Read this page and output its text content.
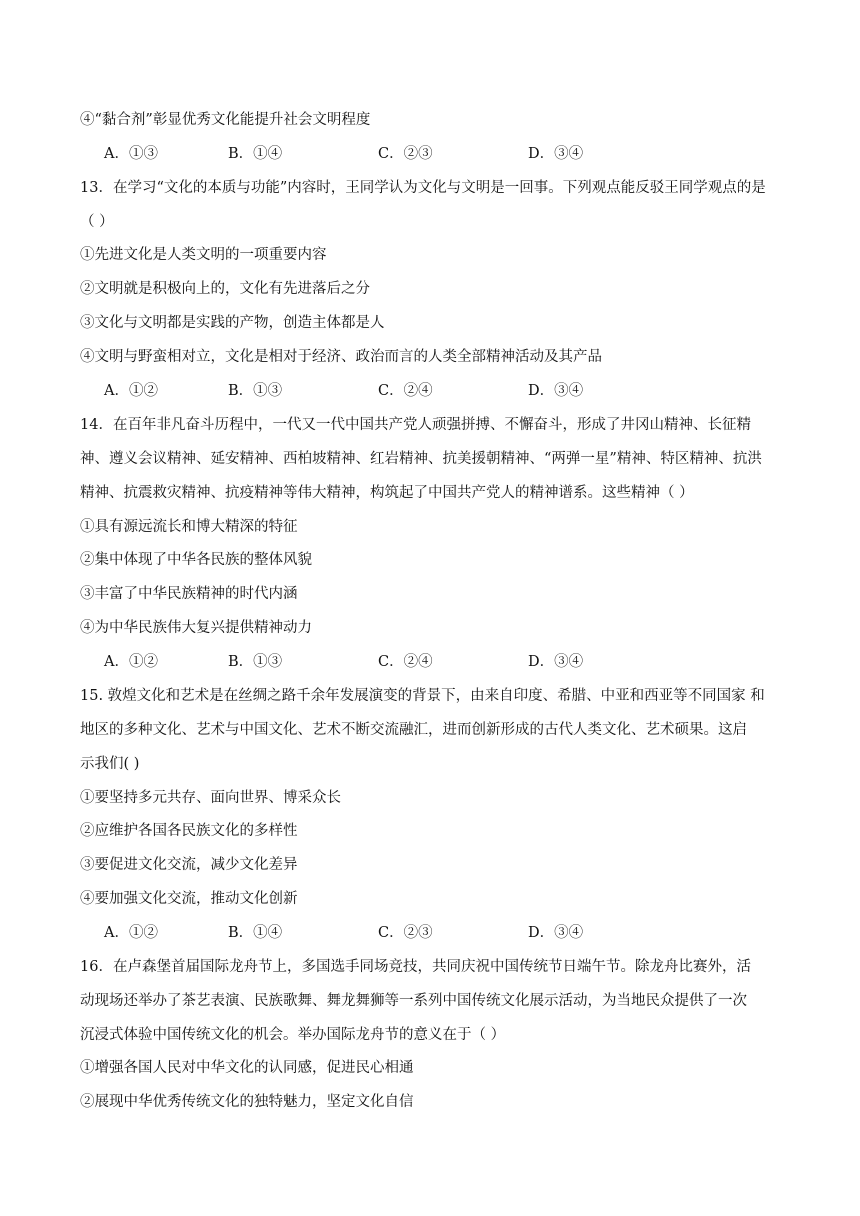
④“黏合剂”彰显优秀文化能提升社会文明程度
A．①③	B．①④	C．②③	D．③④
13．在学习“文化的本质与功能”内容时，王同学认为文化与文明是一回事。下列观点能反驳王同学观点的是
（ ）
①先进文化是人类文明的一项重要内容
②文明就是积极向上的，文化有先进落后之分
③文化与文明都是实践的产物，创造主体都是人
④文明与野蛮相对立，文化是相对于经济、政治而言的人类全部精神活动及其产品
A．①②	B．①③	C．②④	D．③④
14．在百年非凡奋斗历程中，一代又一代中国共产党人顽强拼搏、不懈奋斗，形成了井冈山精神、长征精
神、遵义会议精神、延安精神、西柏坡精神、红岩精神、抗美援朝精神、“两弹一星”精神、特区精神、抗洪
精神、抗震救灾精神、抗疫精神等伟大精神，构筑起了中国共产党人的精神谱系。这些精神（ ）
①具有源远流长和博大精深的特征
②集中体现了中华各民族的整体风貌
③丰富了中华民族精神的时代内涵
④为中华民族伟大复兴提供精神动力
A．①②	B．①③	C．②④	D．③④
15. 敦煌文化和艺术是在丝绸之路千余年发展演变的背景下，由来自印度、希腊、中亚和西亚等不同国家 和
地区的多种文化、艺术与中国文化、艺术不断交流融汇，进而创新形成的古代人类文化、艺术硕果。这启
示我们( )
①要坚持多元共存、面向世界、博采众长
②应维护各国各民族文化的多样性
③要促进文化交流，减少文化差异
④要加强文化交流，推动文化创新
A．①②	B．①④	C．②③	D．③④
16．在卢森堡首届国际龙舟节上，多国选手同场竞技，共同庆祝中国传统节日端午节。除龙舟比赛外，活
动现场还举办了茶艺表演、民族歌舞、舞龙舞狮等一系列中国传统文化展示活动，为当地民众提供了一次
沉浸式体验中国传统文化的机会。举办国际龙舟节的意义在于（ ）
①增强各国人民对中华文化的认同感，促进民心相通
②展现中华优秀传统文化的独特魅力，坚定文化自信
